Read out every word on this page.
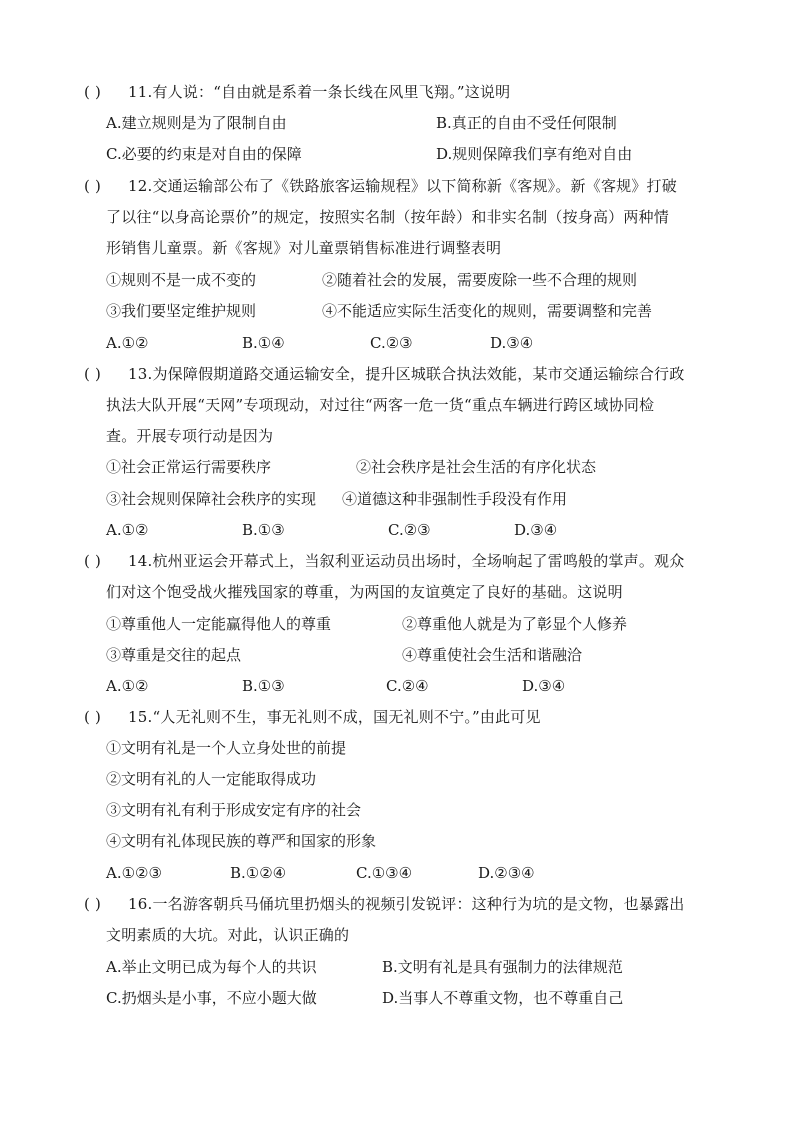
( ) 11.有人说：“自由就是系着一条长线在风里飞翔。”这说明
A.建立规则是为了限制自由	B.真正的自由不受任何限制
C.必要的约束是对自由的保障	D.规则保障我们享有绝对自由
( ) 12.交通运输部公布了《铁路旅客运输规程》以下简称新《客规》。新《客规》打破
了以往“以身高论票价”的规定，按照实名制（按年龄）和非实名制（按身高）两种情
形销售儿童票。新《客规》对儿童票销售标准进行调整表明
①规则不是一成不变的	②随着社会的发展，需要废除一些不合理的规则
③我们要坚定维护规则	④不能适应实际生活变化的规则，需要调整和完善
A.①②	B.①④	C.②③	D.③④
( ) 13.为保障假期道路交通运输安全，提升区城联合执法效能，某市交通运输综合行政
执法大队开展“天网”专项现动，对过往“两客一危一货“重点车辆进行跨区域协同检
查。开展专项行动是因为
①社会正常运行需要秩序	②社会秩序是社会生活的有序化状态
③社会规则保障社会秩序的实现 ④道德这种非强制性手段没有作用
A.①②	B.①③	C.②③	D.③④
( ) 14.杭州亚运会开幕式上，当叙利亚运动员出场时，全场响起了雷鸣般的掌声。观众
们对这个饱受战火摧残国家的尊重，为两国的友谊奠定了良好的基础。这说明
①尊重他人一定能赢得他人的尊重	②尊重他人就是为了彰显个人修养
③尊重是交往的起点	④尊重使社会生活和谐融洽
A.①②	B.①③	C.②④	D.③④
( ) 15.“人无礼则不生，事无礼则不成，国无礼则不宁。”由此可见
①文明有礼是一个人立身处世的前提
②文明有礼的人一定能取得成功
③文明有礼有利于形成安定有序的社会
④文明有礼体现民族的尊严和国家的形象
A.①②③	B.①②④	C.①③④	D.②③④
( ) 16.一名游客朝兵马俑坑里扔烟头的视频引发锐评：这种行为坑的是文物，也暴露出
文明素质的大坑。对此，认识正确的
A.举止文明已成为每个人的共识	B.文明有礼是具有强制力的法律规范
C.扔烟头是小事，不应小题大做	D.当事人不尊重文物，也不尊重自己
